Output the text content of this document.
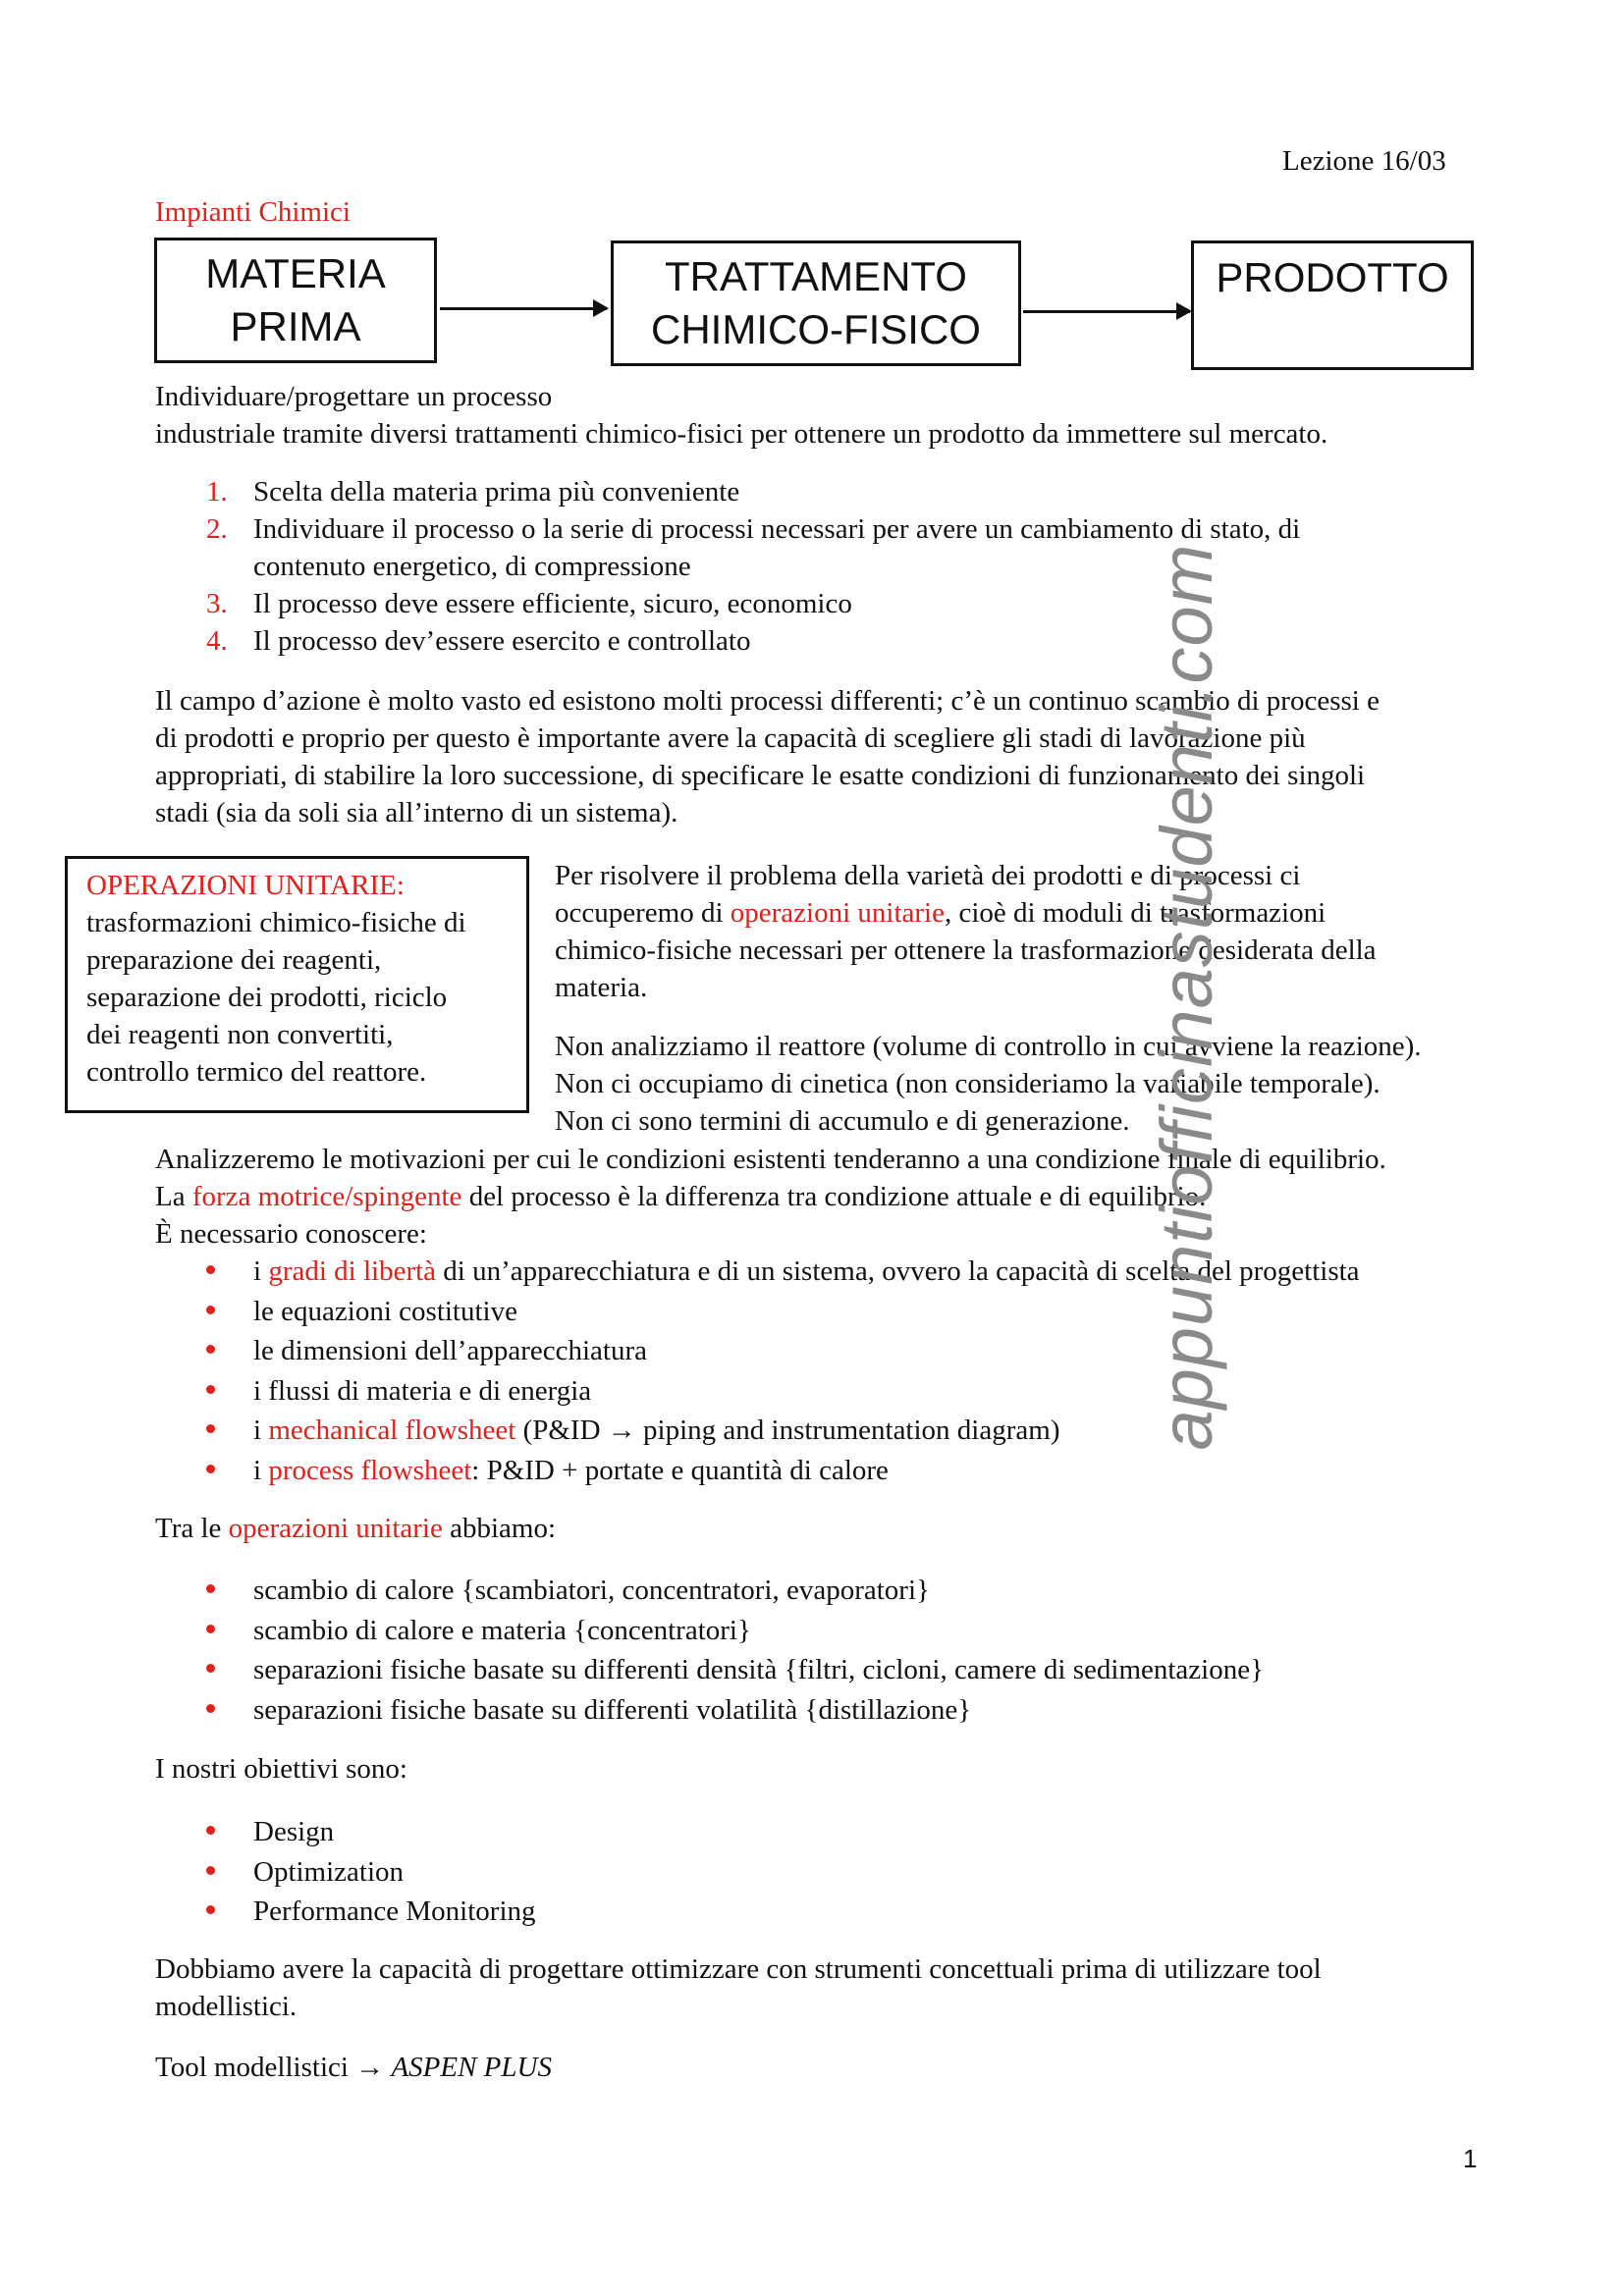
Lezione 16/03
Impianti Chimici
MATERIA
PRIMA
TRATTAMENTO
CHIMICO-FISICO
PRODOTTO
Individuare/progettare un processo
industriale tramite diversi trattamenti chimico-fisici per ottenere un prodotto da immettere sul mercato.
1. Scelta della materia prima più conveniente
2. Individuare il processo o la serie di processi necessari per avere un cambiamento di stato, di
contenuto energetico, di compressione
3. Il processo deve essere efficiente, sicuro, economico
4. Il processo dev’essere esercito e controllato
Il campo d’azione è molto vasto ed esistono molti processi differenti; c’è un continuo scambio di processi e
di prodotti e proprio per questo è importante avere la capacità di scegliere gli stadi di lavorazione più
appropriati, di stabilire la loro successione, di specificare le esatte condizioni di funzionamento dei singoli
stadi (sia da soli sia all’interno di un sistema).
OPERAZIONI UNITARIE:
trasformazioni chimico-fisiche di
preparazione dei reagenti,
separazione dei prodotti, riciclo
dei reagenti non convertiti,
controllo termico del reattore.
Per risolvere il problema della varietà dei prodotti e di processi ci
occuperemo di operazioni unitarie, cioè di moduli di trasformazioni
chimico-fisiche necessari per ottenere la trasformazione desiderata della
materia.
Non analizziamo il reattore (volume di controllo in cui avviene la reazione).
Non ci occupiamo di cinetica (non consideriamo la variabile temporale).
Non ci sono termini di accumulo e di generazione.
Analizzeremo le motivazioni per cui le condizioni esistenti tenderanno a una condizione finale di equilibrio.
La forza motrice/spingente del processo è la differenza tra condizione attuale e di equilibrio.
È necessario conoscere:
i gradi di libertà di un’apparecchiatura e di un sistema, ovvero la capacità di scelta del progettista
le equazioni costitutive
le dimensioni dell’apparecchiatura
i flussi di materia e di energia
i mechanical flowsheet (P&ID → piping and instrumentation diagram)
i process flowsheet: P&ID + portate e quantità di calore
Tra le operazioni unitarie abbiamo:
scambio di calore {scambiatori, concentratori, evaporatori}
scambio di calore e materia {concentratori}
separazioni fisiche basate su differenti densità {filtri, cicloni, camere di sedimentazione}
separazioni fisiche basate su differenti volatilità {distillazione}
I nostri obiettivi sono:
Design
Optimization
Performance Monitoring
Dobbiamo avere la capacità di progettare ottimizzare con strumenti concettuali prima di utilizzare tool
modellistici.
Tool modellistici → ASPEN PLUS
1
appuntiofficinastudenti.com
